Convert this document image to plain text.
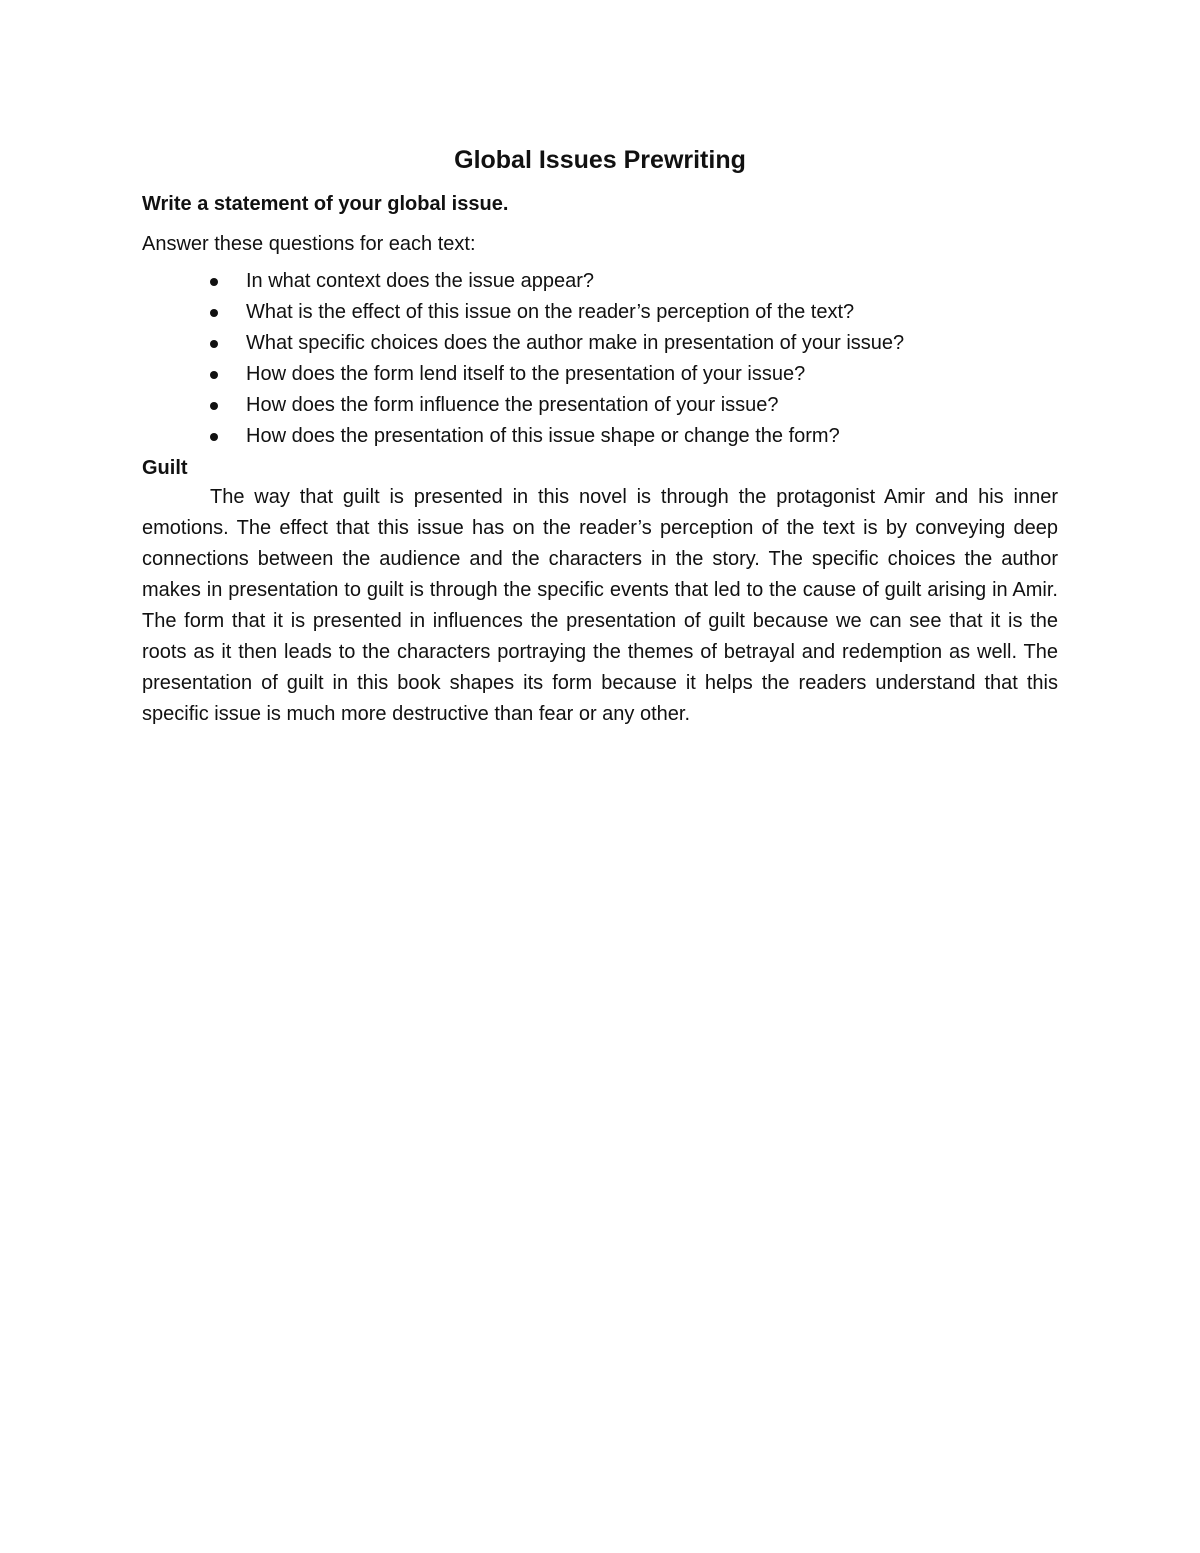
Global Issues Prewriting

Write a statement of your global issue.

Answer these questions for each text:

In what context does the issue appear?
What is the effect of this issue on the reader’s perception of the text?
What specific choices does the author make in presentation of your issue?
How does the form lend itself to the presentation of your issue?
How does the form influence the presentation of your issue?
How does the presentation of this issue shape or change the form?

Guilt

The way that guilt is presented in this novel is through the protagonist Amir and his inner emotions. The effect that this issue has on the reader’s perception of the text is by conveying deep connections between the audience and the characters in the story. The specific choices the author makes in presentation to guilt is through the specific events that led to the cause of guilt arising in Amir. The form that it is presented in influences the presentation of guilt because we can see that it is the roots as it then leads to the characters portraying the themes of betrayal and redemption as well. The presentation of guilt in this book shapes its form because it helps the readers understand that this specific issue is much more destructive than fear or any other.
